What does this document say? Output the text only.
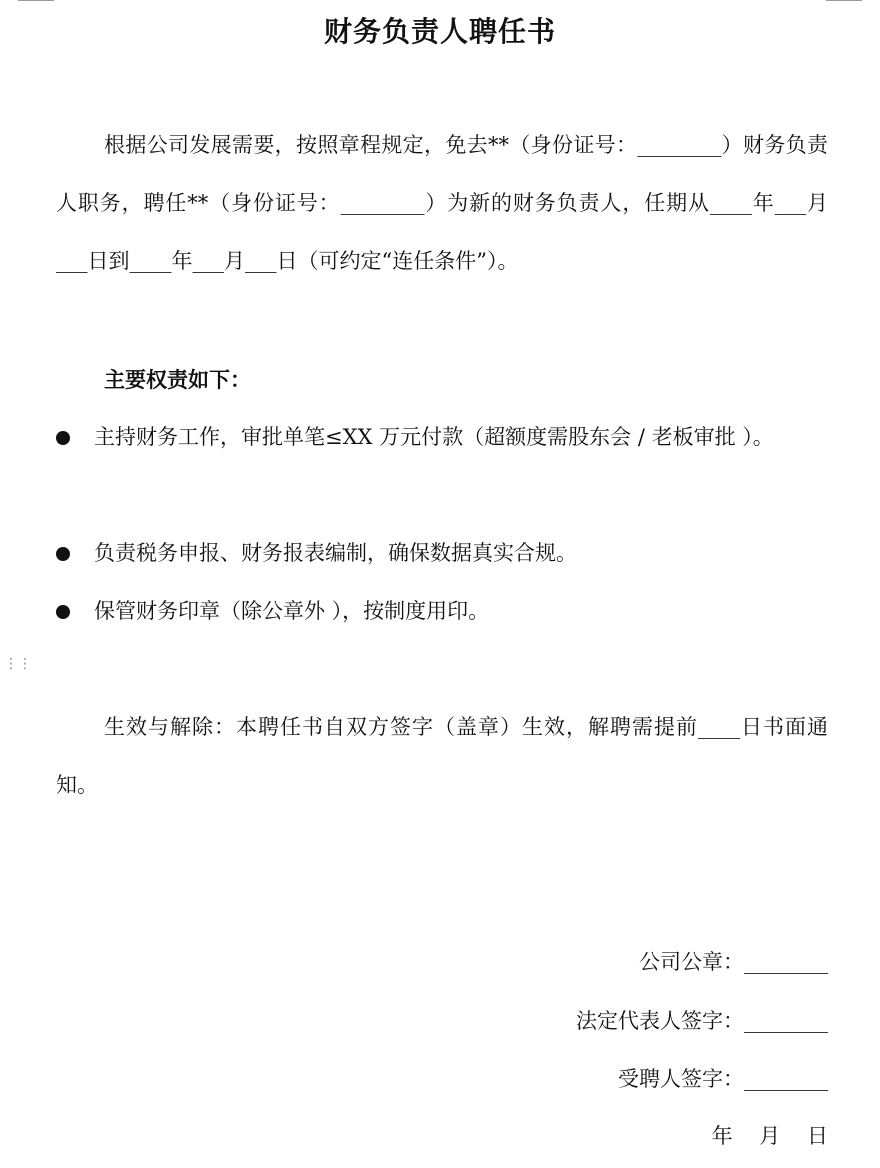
财务负责人聘任书

根据公司发展需要，按照章程规定，免去**（身份证号：________）财务负责人职务，聘任**（身份证号：________）为新的财务负责人，任期从____年___月___日到____年___月___日（可约定“连任条件”）。

主要权责如下：
主持财务工作，审批单笔≤XX 万元付款（超额度需股东会 / 老板审批 ）。
负责税务申报、财务报表编制，确保数据真实合规。
保管财务印章（除公章外 ），按制度用印。
⋮⋮

生效与解除：本聘任书自双方签字（盖章）生效，解聘需提前____日书面通知。

公司公章：________
法定代表人签字：________
受聘人签字：________
年    月    日
